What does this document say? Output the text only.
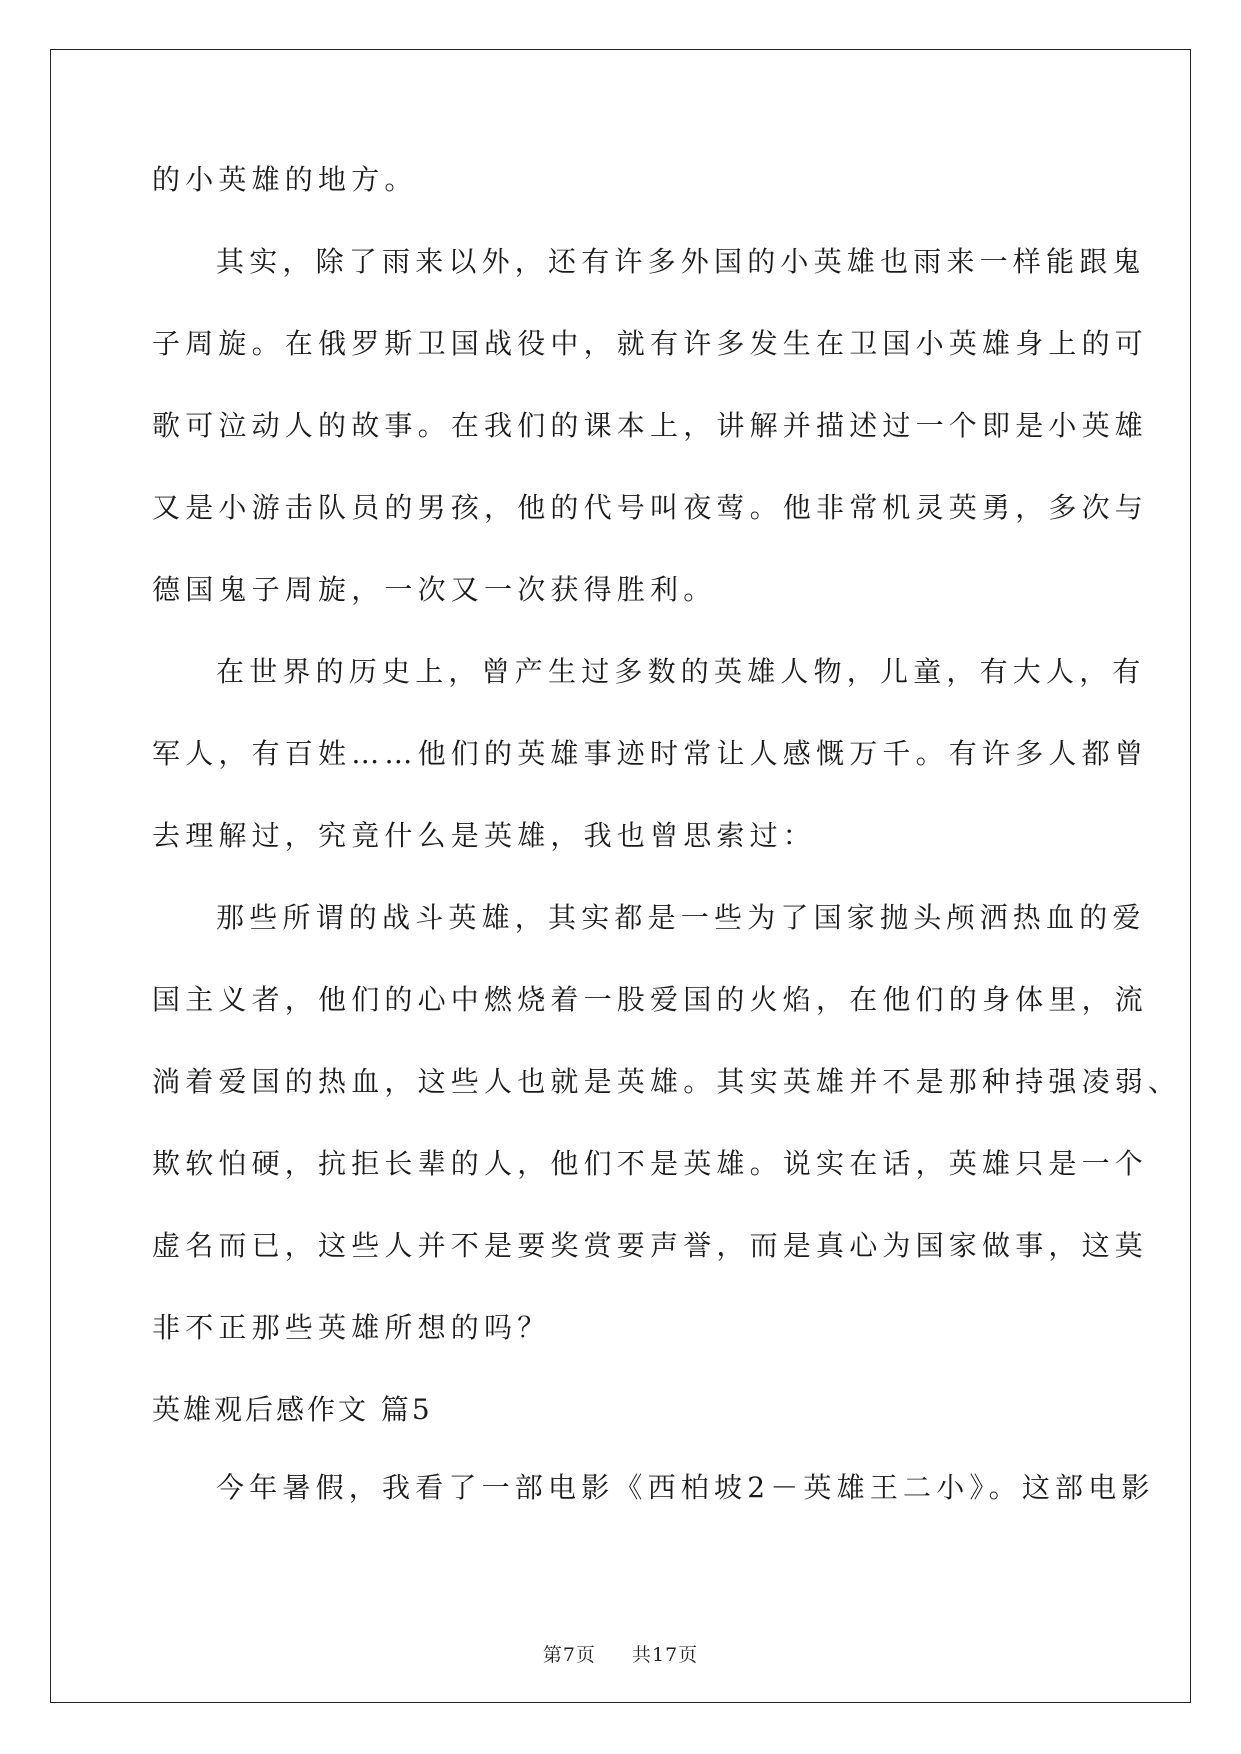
的小英雄的地方。
其实，除了雨来以外，还有许多外国的小英雄也雨来一样能跟鬼
子周旋。在俄罗斯卫国战役中，就有许多发生在卫国小英雄身上的可
歌可泣动人的故事。在我们的课本上，讲解并描述过一个即是小英雄
又是小游击队员的男孩，他的代号叫夜莺。他非常机灵英勇，多次与
德国鬼子周旋，一次又一次获得胜利。
在世界的历史上，曾产生过多数的英雄人物，儿童，有大人，有
军人，有百姓……他们的英雄事迹时常让人感慨万千。有许多人都曾
去理解过，究竟什么是英雄，我也曾思索过：
那些所谓的战斗英雄，其实都是一些为了国家抛头颅洒热血的爱
国主义者，他们的心中燃烧着一股爱国的火焰，在他们的身体里，流
淌着爱国的热血，这些人也就是英雄。其实英雄并不是那种持强凌弱、
欺软怕硬，抗拒长辈的人，他们不是英雄。说实在话，英雄只是一个
虚名而已，这些人并不是要奖赏要声誉，而是真心为国家做事，这莫
非不正那些英雄所想的吗？
英雄观后感作文 篇5
今年暑假，我看了一部电影《西柏坡2－英雄王二小》。这部电影
第7页 共17页
